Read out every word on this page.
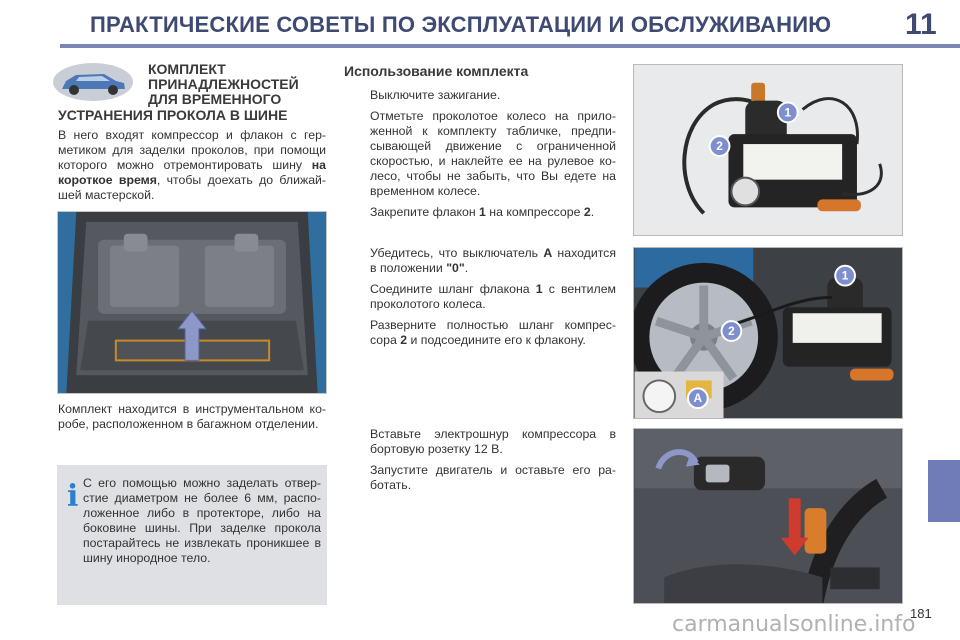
ПРАКТИЧЕСКИЕ СОВЕТЫ ПО ЭКСПЛУАТАЦИИ И ОБСЛУЖИВАНИЮ 11
КОМПЛЕКТ
ПРИНАДЛЕЖНОСТЕЙ
ДЛЯ ВРЕМЕННОГО
УСТРАНЕНИЯ ПРОКОЛА В ШИНЕ

В него входят компрессор и флакон с гер-метиком для заделки проколов, при помощи которого можно отремонтировать шину на короткое время, чтобы доехать до ближай-шей мастерской.

Комплект находится в инструментальном ко-робе, расположенном в багажном отделении.

i С его помощью можно заделать отвер-стие диаметром не более 6 мм, распо-ложенное либо в протекторе, либо на боковине шины. При заделке прокола постарайтесь не извлекать проникшее в шину инородное тело.

Использование комплекта
Выключите зажигание.
Отметьте проколотое колесо на прило-женной к комплекту табличке, предпи-сывающей движение с ограниченной скоростью, и наклейте ее на рулевое ко-лесо, чтобы не забыть, что Вы едете на временном колесе.
Закрепите флакон 1 на компрессоре 2.
Убедитесь, что выключатель A находится в положении "0".
Соедините шланг флакона 1 с вентилем проколотого колеса.
Разверните полностью шланг компрес-сора 2 и подсоедините его к флакону.
Вставьте электрошнур компрессора в бортовую розетку 12 В.
Запустите двигатель и оставьте его ра-ботать.
1
2
1
2
A
181
carmanualsonline.info
